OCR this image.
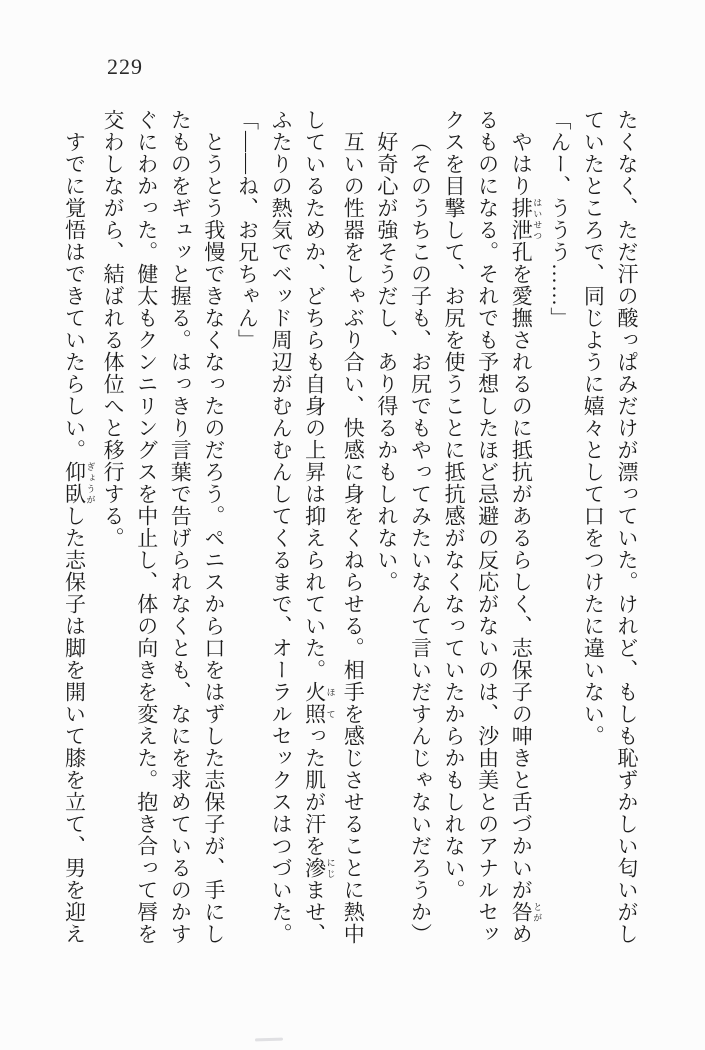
229
たくなく、ただ汗の酸っぱみだけが漂っていた。けれど、もしも恥ずかしい匂いがし
ていたところで、同じように嬉々として口をつけたに違いない。
「んー、ううう……」
やはり排泄 はいせつ孔を愛撫されるのに抵抗があるらしく、志保子の呻きと舌づかいが咎 とがめ
るものになる。それでも予想したほど忌避の反応がないのは、沙由美とのアナルセッ
クスを目撃して、お尻を使うことに抵抗感がなくなっていたからかもしれない。
（そのうちこの子も、お尻でもやってみたいなんて言いだすんじゃないだろうか）
好奇心が強そうだし、あり得るかもしれない。
互いの性器をしゃぶり合い、快感に身をくねらせる。相手を感じさせることに熱中
しているためか、どちらも自身の上昇は抑えられていた。火照 ほてった肌が汗を滲 にじませ、
ふたりの熱気でベッド周辺がむんむんしてくるまで、オーラルセックスはつづいた。
「――ね、お兄ちゃん」
とうとう我慢できなくなったのだろう。ペニスから口をはずした志保子が、手にし
たものをギュッと握る。はっきり言葉で告げられなくとも、なにを求めているのかす
ぐにわかった。健太もクンニリングスを中止し、体の向きを変えた。抱き合って唇を
交わしながら、結ばれる体位へと移行する。
すでに覚悟はできていたらしい。仰臥 ぎょうがした志保子は脚を開いて膝を立て、男を迎え
